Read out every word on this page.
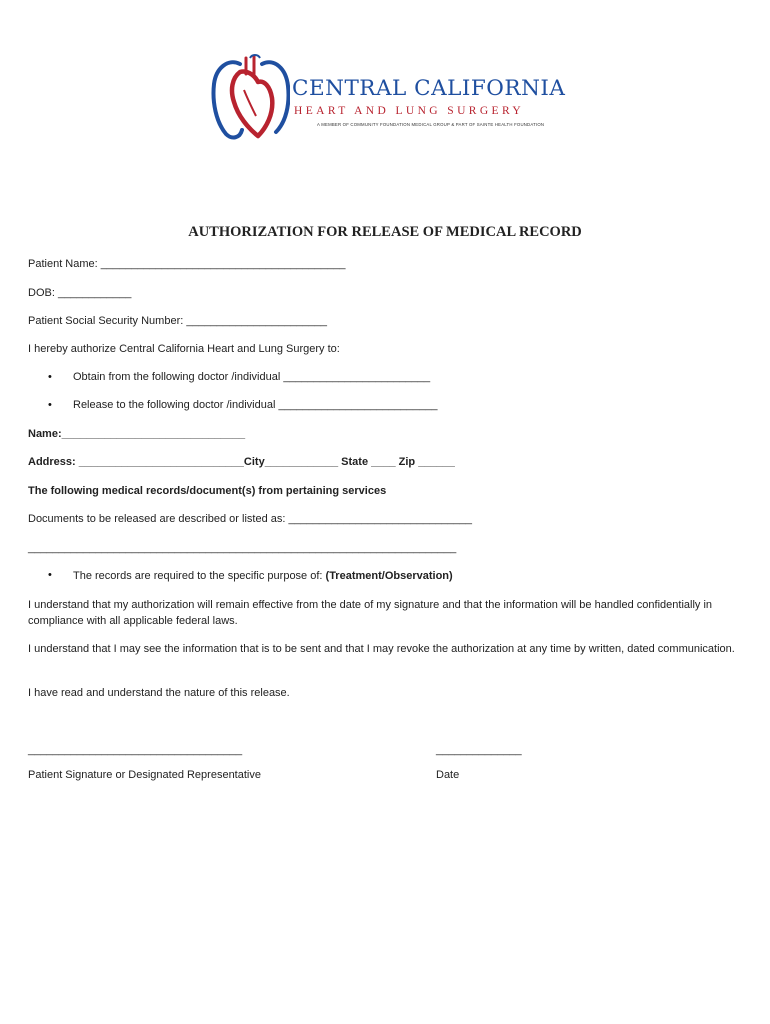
CENTRAL CALIFORNIA
HEART AND LUNG SURGERY
A MEMBER OF COMMUNITY FOUNDATION MEDICAL GROUP & PART OF SAINTE HEALTH FOUNDATION
AUTHORIZATION FOR RELEASE OF MEDICAL RECORD
Patient Name: ________________________________________
DOB: ____________
Patient Social Security Number: _______________________
I hereby authorize Central California Heart and Lung Surgery to:
• Obtain from the following doctor /individual ________________________
• Release to the following doctor /individual __________________________
Name:______________________________
Address: ___________________________City____________ State ____ Zip ______
The following medical records/document(s) from pertaining services
Documents to be released are described or listed as: ______________________________
______________________________________________________________________
• The records are required to the specific purpose of: (Treatment/Observation)
I understand that my authorization will remain effective from the date of my signature and that the information will be handled confidentially in compliance with all applicable federal laws.
I understand that I may see the information that is to be sent and that I may revoke the authorization at any time by written, dated communication.
I have read and understand the nature of this release.
___________________________________	______________
Patient Signature or Designated Representative	Date
